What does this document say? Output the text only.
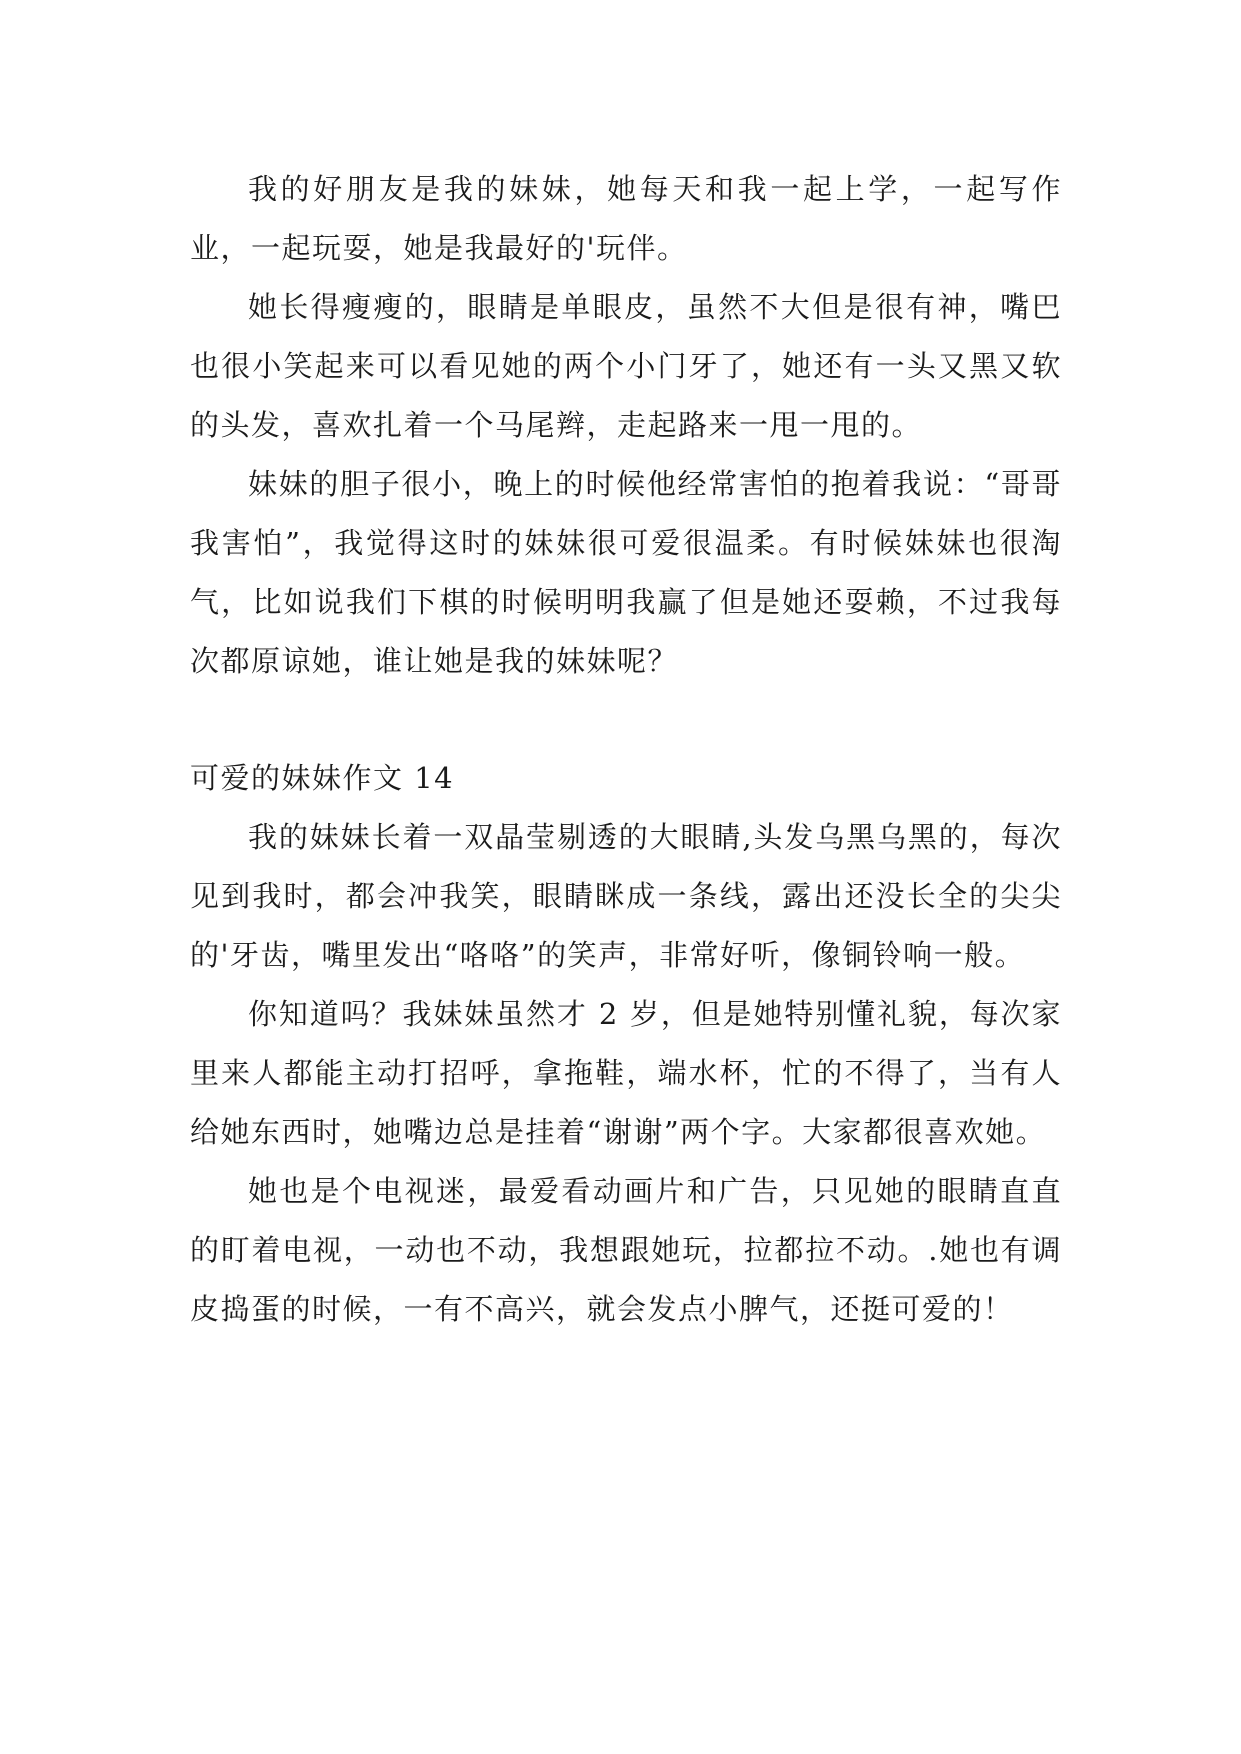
我的好朋友是我的妹妹，她每天和我一起上学，一起写作业，一起玩耍，她是我最好的'玩伴。

她长得瘦瘦的，眼睛是单眼皮，虽然不大但是很有神，嘴巴也很小笑起来可以看见她的两个小门牙了，她还有一头又黑又软的头发，喜欢扎着一个马尾辫，走起路来一甩一甩的。

妹妹的胆子很小，晚上的时候他经常害怕的抱着我说：“哥哥我害怕”，我觉得这时的妹妹很可爱很温柔。有时候妹妹也很淘气，比如说我们下棋的时候明明我赢了但是她还耍赖，不过我每次都原谅她，谁让她是我的妹妹呢？

可爱的妹妹作文 14

我的妹妹长着一双晶莹剔透的大眼睛,头发乌黑乌黑的，每次见到我时，都会冲我笑，眼睛眯成一条线，露出还没长全的尖尖的'牙齿，嘴里发出“咯咯”的笑声，非常好听，像铜铃响一般。

你知道吗？我妹妹虽然才 2 岁，但是她特别懂礼貌，每次家里来人都能主动打招呼，拿拖鞋，端水杯，忙的不得了，当有人给她东西时，她嘴边总是挂着“谢谢”两个字。大家都很喜欢她。

她也是个电视迷，最爱看动画片和广告，只见她的眼睛直直的盯着电视，一动也不动，我想跟她玩，拉都拉不动。.她也有调皮捣蛋的时候，一有不高兴，就会发点小脾气，还挺可爱的！
